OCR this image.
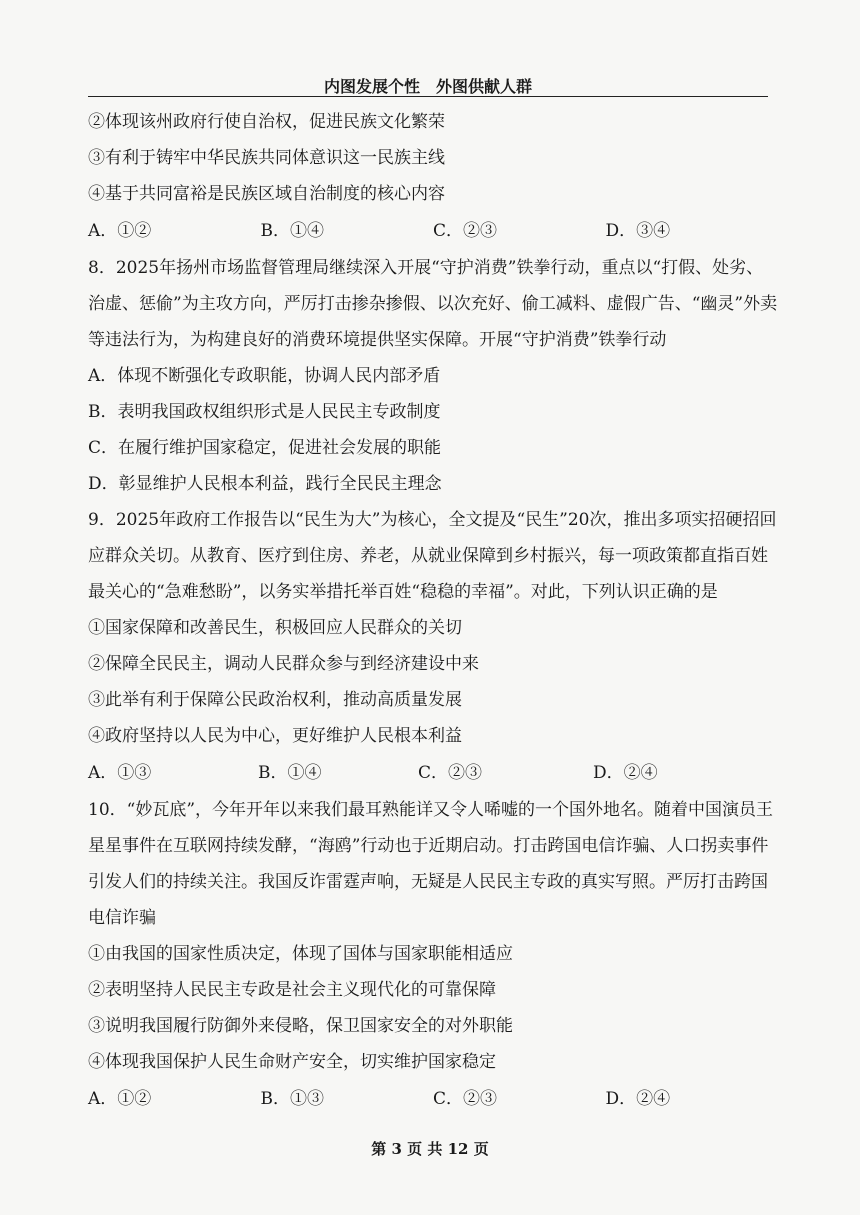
内图发展个性　外图供献人群
②体现该州政府行使自治权，促进民族文化繁荣
③有利于铸牢中华民族共同体意识这一民族主线
④基于共同富裕是民族区域自治制度的核心内容
A．①②	B．①④	C．②③	D．③④
8．2025年扬州市场监督管理局继续深入开展“守护消费”铁拳行动，重点以“打假、处劣、治虚、惩偷”为主攻方向，严厉打击掺杂掺假、以次充好、偷工减料、虚假广告、“幽灵”外卖等违法行为，为构建良好的消费环境提供坚实保障。开展“守护消费”铁拳行动
A．体现不断强化专政职能，协调人民内部矛盾
B．表明我国政权组织形式是人民民主专政制度
C．在履行维护国家稳定，促进社会发展的职能
D．彰显维护人民根本利益，践行全民民主理念
9．2025年政府工作报告以“民生为大”为核心，全文提及“民生”20次，推出多项实招硬招回应群众关切。从教育、医疗到住房、养老，从就业保障到乡村振兴，每一项政策都直指百姓最关心的“急难愁盼”，以务实举措托举百姓“稳稳的幸福”。对此，下列认识正确的是
①国家保障和改善民生，积极回应人民群众的关切
②保障全民民主，调动人民群众参与到经济建设中来
③此举有利于保障公民政治权利，推动高质量发展
④政府坚持以人民为中心，更好维护人民根本利益
A．①③	B．①④	C．②③	D．②④
10．“妙瓦底”，今年开年以来我们最耳熟能详又令人唏嘘的一个国外地名。随着中国演员王星星事件在互联网持续发酵，“海鸥”行动也于近期启动。打击跨国电信诈骗、人口拐卖事件引发人们的持续关注。我国反诈雷霆声响，无疑是人民民主专政的真实写照。严厉打击跨国电信诈骗
①由我国的国家性质决定，体现了国体与国家职能相适应
②表明坚持人民民主专政是社会主义现代化的可靠保障
③说明我国履行防御外来侵略，保卫国家安全的对外职能
④体现我国保护人民生命财产安全，切实维护国家稳定
A．①②	B．①③	C．②③	D．②④
第 3 页 共 12 页
